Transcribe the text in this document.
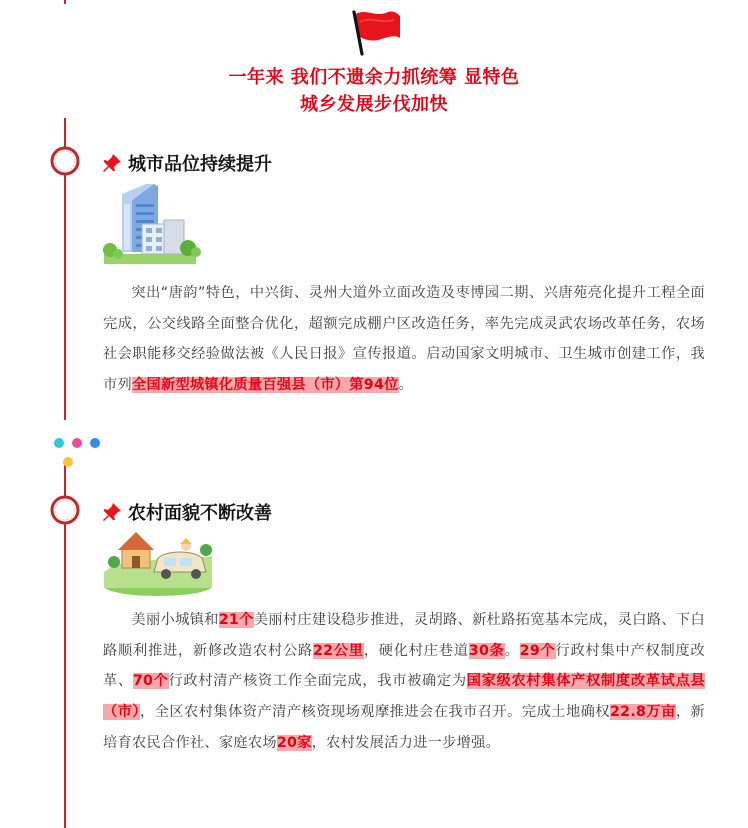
一年来 我们不遗余力抓统筹 显特色
城乡发展步伐加快
城市品位持续提升

突出“唐韵”特色，中兴街、灵州大道外立面改造及枣博园二期、兴唐苑亮化提升工程全面完成，公交线路全面整合优化，超额完成棚户区改造任务，率先完成灵武农场改革任务，农场社会职能移交经验做法被《人民日报》宣传报道。启动国家文明城市、卫生城市创建工作，我市列全国新型城镇化质量百强县（市）第94位。

农村面貌不断改善

美丽小城镇和21个美丽村庄建设稳步推进，灵胡路、新杜路拓宽基本完成，灵白路、下白路顺利推进，新修改造农村公路22公里，硬化村庄巷道30条。29个行政村集中产权制度改革、70个行政村清产核资工作全面完成，我市被确定为国家级农村集体产权制度改革试点县（市），全区农村集体资产清产核资现场观摩推进会在我市召开。完成土地确权22.8万亩，新培育农民合作社、家庭农场20家，农村发展活力进一步增强。
